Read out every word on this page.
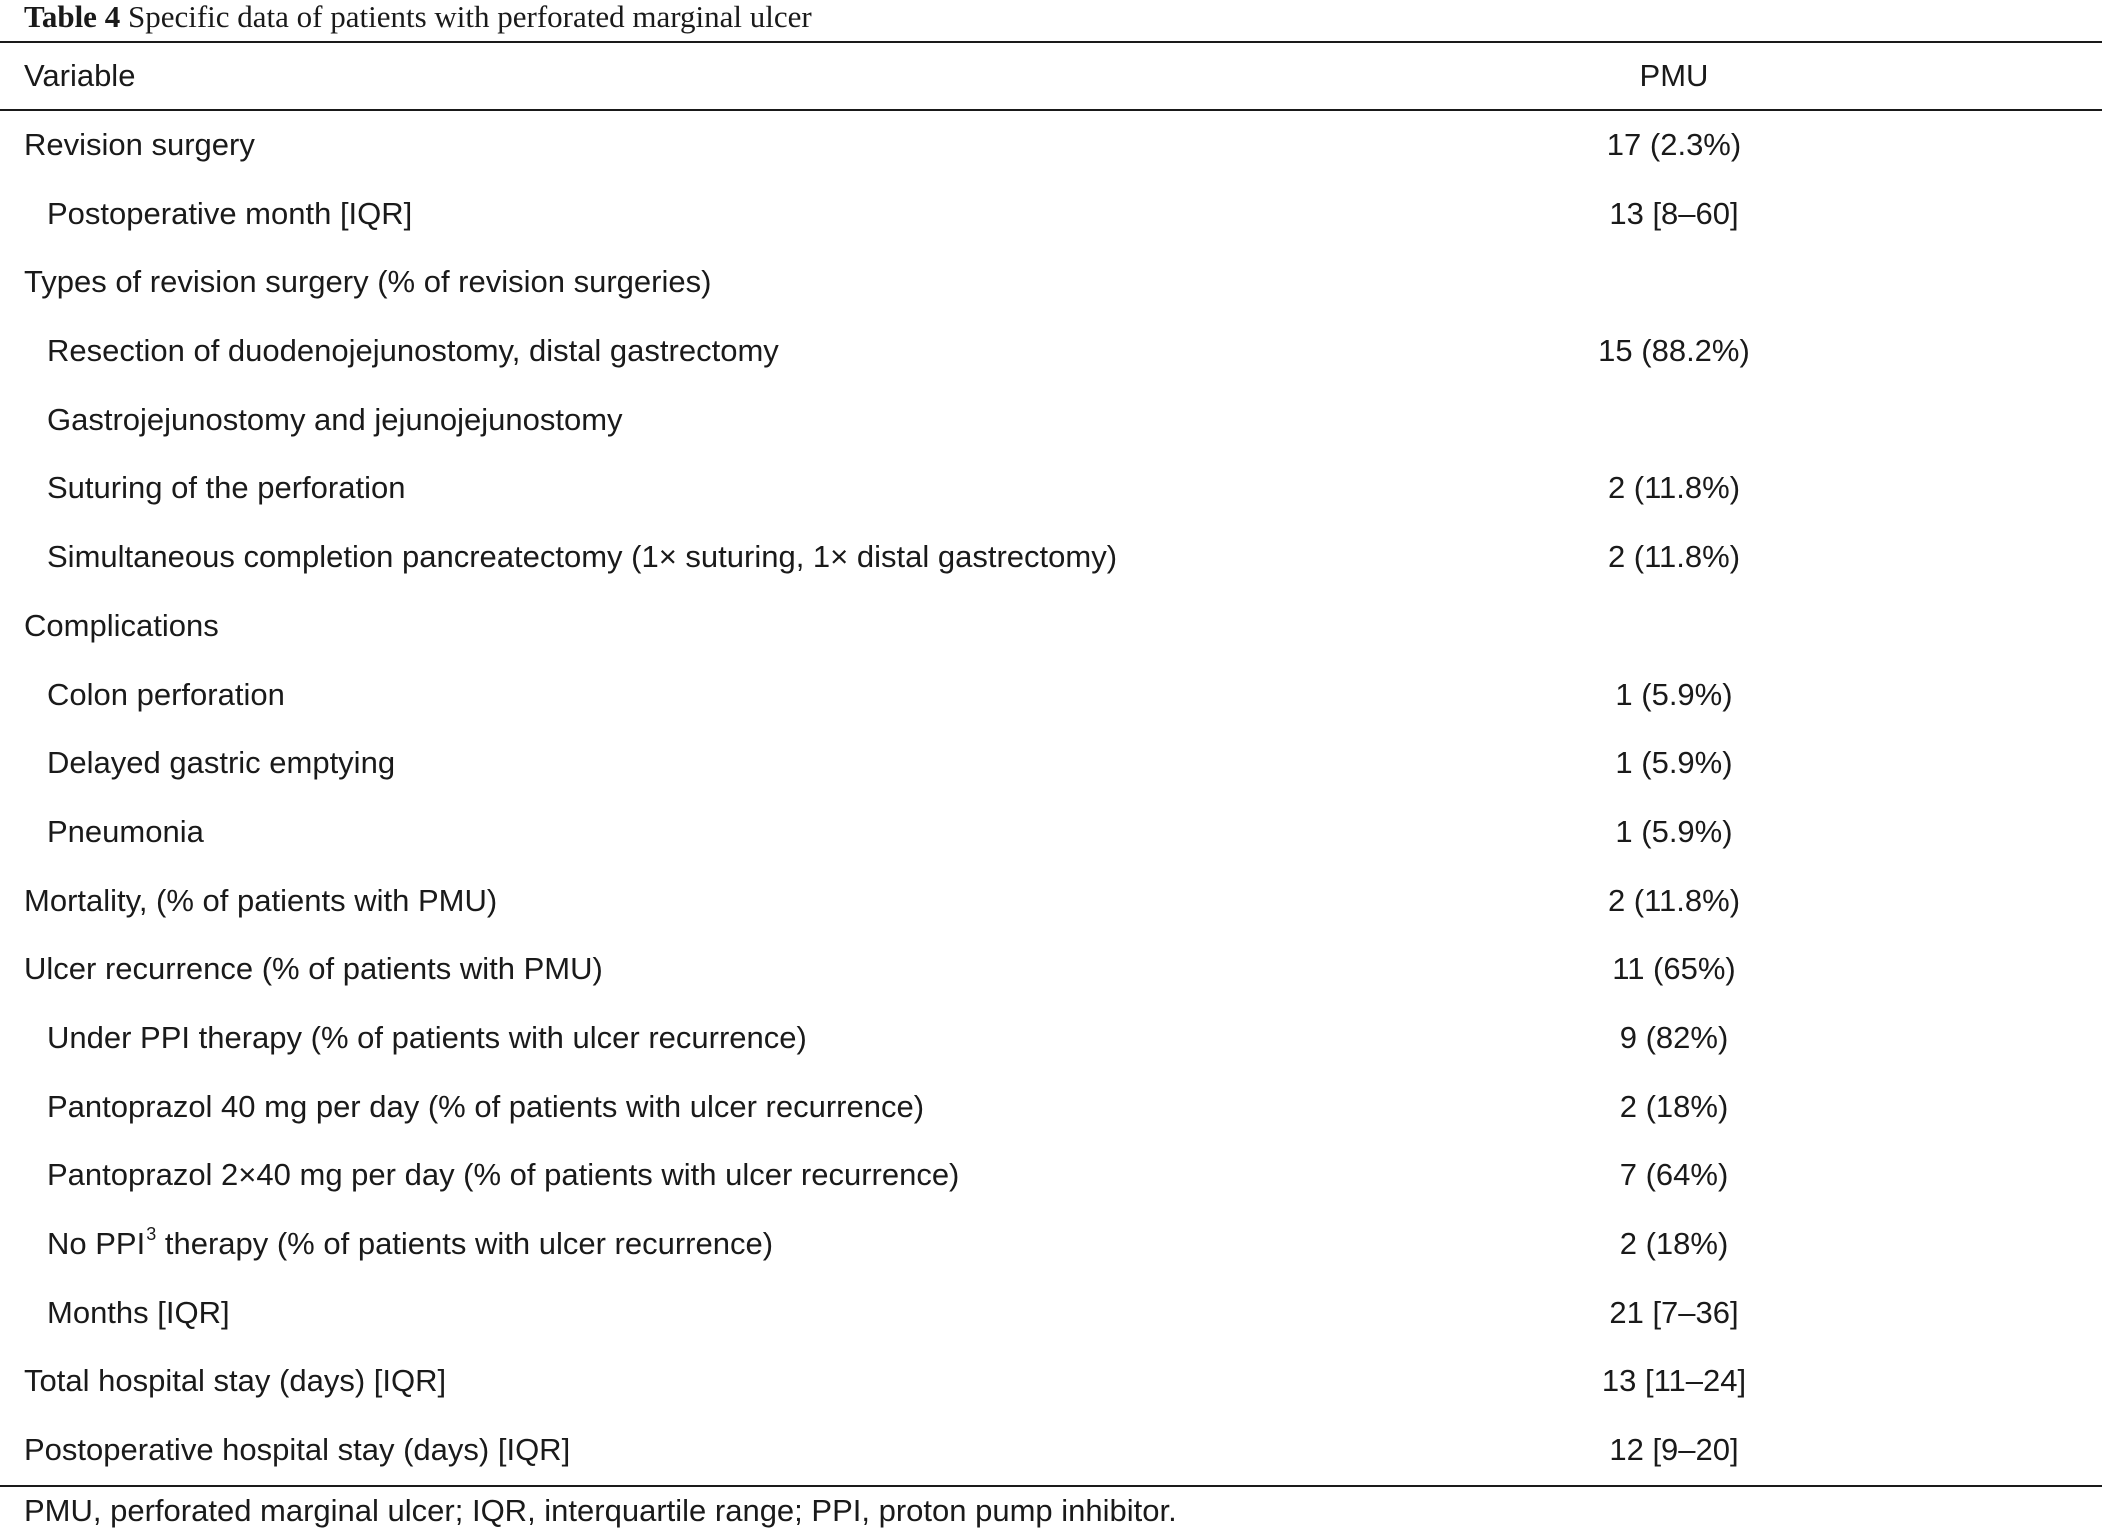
Table 4 Specific data of patients with perforated marginal ulcer
Variable	PMU
Revision surgery	17 (2.3%)
Postoperative month [IQR]	13 [8–60]
Types of revision surgery (% of revision surgeries)
Resection of duodenojejunostomy, distal gastrectomy	15 (88.2%)
Gastrojejunostomy and jejunojejunostomy
Suturing of the perforation	2 (11.8%)
Simultaneous completion pancreatectomy (1× suturing, 1× distal gastrectomy)	2 (11.8%)
Complications
Colon perforation	1 (5.9%)
Delayed gastric emptying	1 (5.9%)
Pneumonia	1 (5.9%)
Mortality, (% of patients with PMU)	2 (11.8%)
Ulcer recurrence (% of patients with PMU)	11 (65%)
Under PPI therapy (% of patients with ulcer recurrence)	9 (82%)
Pantoprazol 40 mg per day (% of patients with ulcer recurrence)	2 (18%)
Pantoprazol 2×40 mg per day (% of patients with ulcer recurrence)	7 (64%)
No PPI$^3$ therapy (% of patients with ulcer recurrence)	2 (18%)
Months [IQR]	21 [7–36]
Total hospital stay (days) [IQR]	13 [11–24]
Postoperative hospital stay (days) [IQR]	12 [9–20]
PMU, perforated marginal ulcer; IQR, interquartile range; PPI, proton pump inhibitor.
